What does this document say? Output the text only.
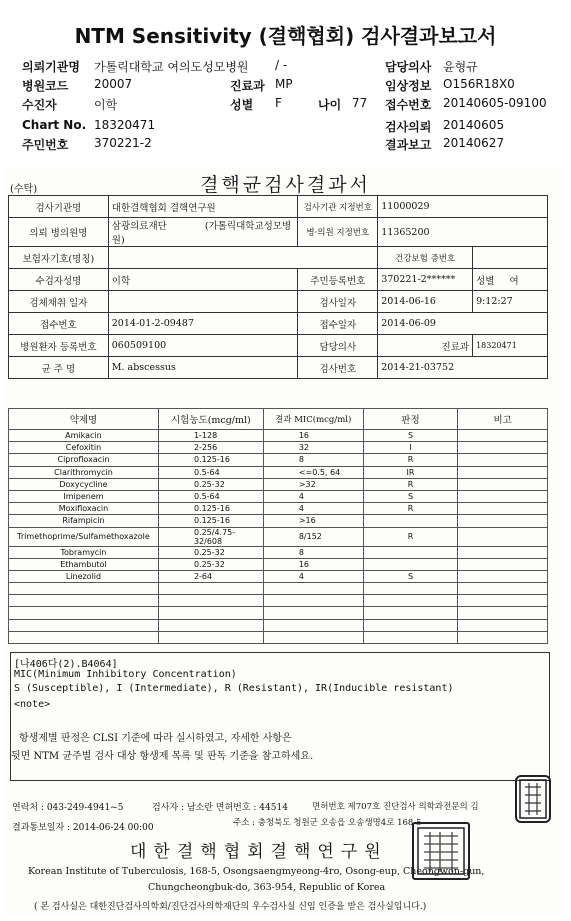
NTM Sensitivity (결핵협회) 검사결과보고서
의뢰기관명 가톨릭대학교 여의도성모병원 / -	담당의사 윤형규
병원코드 20007	진료과 MP	임상정보 O156R18X0
수진자	이학	성별 F	나이 77 접수번호 20140605-09100
Chart No. 18320471	검사의뢰 20140605
주민번호 370221-2	결과보고 20140627
결핵균검사결과서
(수탁)
검사기관명	대한결핵협회 결핵연구원	검사기관 지정번호	11000029	
의뢰 병의원명	삼광의료재단 (가톨릭대학교성모병원)	병·의원 지정번호	11365200	
보험자기호(명칭)			건강보험 증번호	
수검자성명	이학	주민등록번호	370221-2******	성별 여
검체채취 일자		검사일자	2014-06-16	9:12:27
접수번호	2014-01-2-09487	접수일자	2014-06-09	
병원환자 등록번호	060509100	담당의사	진료과	18320471
균 주 명	M. abscessus	검사번호	2014-21-03752	
약제명	시험농도(mcg/ml)	결과 MIC(mcg/ml)	판정	비고
Amikacin	1-128	16	S	
Cefoxitin	2-256	32	I	
Ciprofloxacin	0.125-16	8	R	
Clarithromycin	0.5-64	<=0.5, 64	IR	
Doxycycline	0.25-32	>32	R	
Imipenem	0.5-64	4	S	
Moxifloxacin	0.125-16	4	R	
Rifampicin	0.125-16	>16		
Trimethoprime/Sulfamethoxazole	0.25/4.75-32/608	8/152	R	
Tobramycin	0.25-32	8		
Ethambutol	0.25-32	16		
Linezolid	2-64	4	S	

[나406다(2).B4064]
MIC(Minimum Inhibitory Concentration)
S (Susceptible), I (Intermediate), R (Resistant), IR(Inducible resistant)
<note>
항생제별 판정은 CLSI 기준에 따라 실시하였고, 자세한 사항은
뒷면 NTM 균주별 검사 대상 항생제 목록 및 판독 기준을 참고하세요.
연락처 : 043-249-4941~5	검사자 : 남소란 면허번호 : 44514	면허번호 제707호 진단검사 의학과전문의 김
결과통보일자 : 2014-06-24 00:00	주소 : 충청북도 청원군 오송읍 오송생명4로 168-5
대한결핵협회결핵연구원
Korean Institute of Tuberculosis, 168-5, Osongsaengmyeong-4ro, Osong-eup, Cheongwon-gun,
Chungcheongbuk-do, 363-954, Republic of Korea
( 본 검사실은 대한진단검사의학회/진단검사의학재단의 우수검사실 신임 인증을 받은 검사실입니다.)
